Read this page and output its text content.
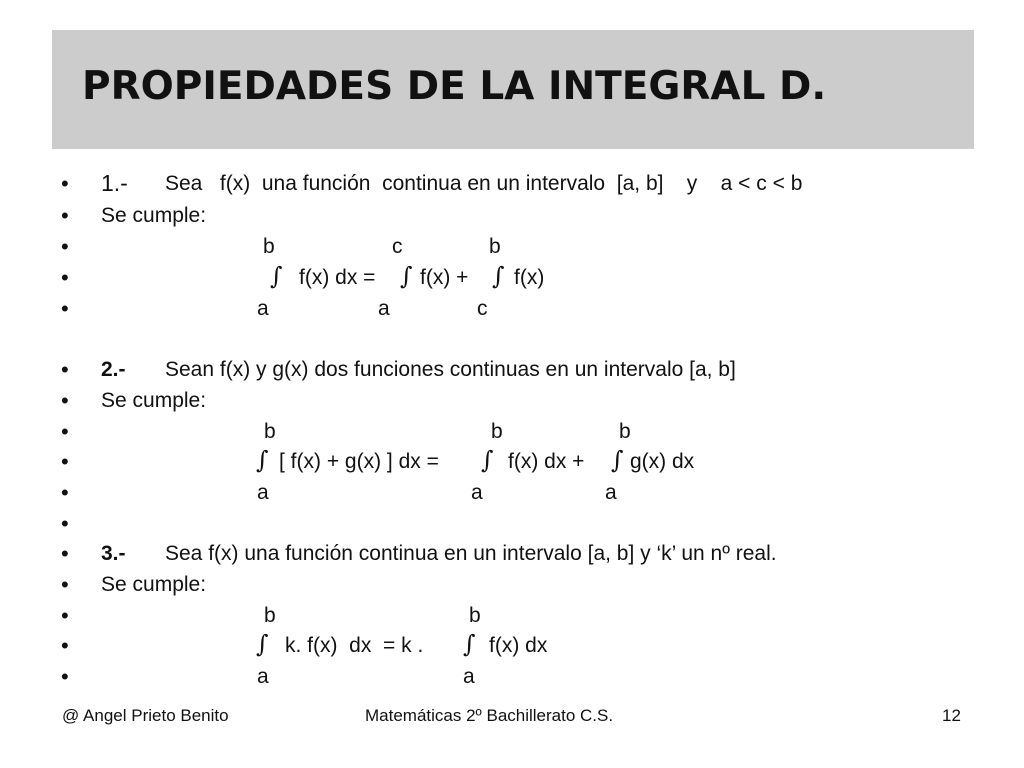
PROPIEDADES DE LA INTEGRAL D.
• 1.- Sea   f(x)  una función  continua en un intervalo  [a, b]    y    a < c < b
• Se cumple:
•	b	c	b
•	∫ f(x) dx = ∫ f(x) + ∫ f(x)
•	a	a	c
• 2.- Sean f(x) y g(x) dos funciones continuas en un intervalo [a, b]
• Se cumple:
•	b	b	b
•	∫ [ f(x) + g(x) ] dx = ∫ f(x) dx + ∫ g(x) dx
•	a	a	a
•
• 3.- Sea f(x) una función continua en un intervalo [a, b] y ‘k’ un nº real.
• Se cumple:
•	b	b
•	∫ k. f(x)  dx  = k . ∫ f(x) dx
•	a	a
@ Angel Prieto Benito	Matemáticas 2º Bachillerato C.S.	12
